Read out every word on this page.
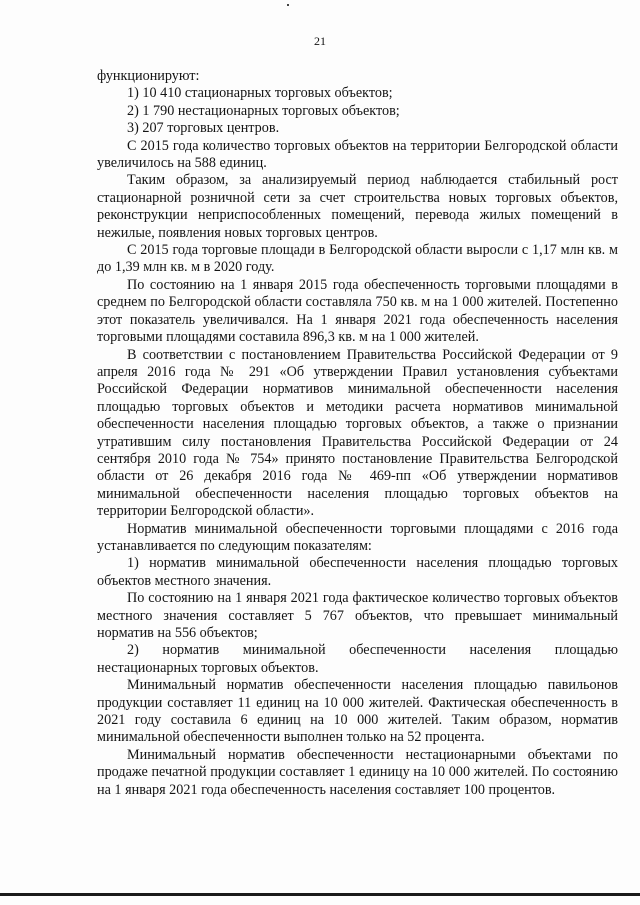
21

функционируют:

1) 10 410 стационарных торговых объектов;

2) 1 790 нестационарных торговых объектов;

3) 207 торговых центров.

С 2015 года количество торговых объектов на территории Белгородской области увеличилось на 588 единиц.

Таким образом, за анализируемый период наблюдается стабильный рост стационарной розничной сети за счет строительства новых торговых объектов, реконструкции неприспособленных помещений, перевода жилых помещений в нежилые, появления новых торговых центров.

С 2015 года торговые площади в Белгородской области выросли с 1,17 млн кв. м до 1,39 млн кв. м в 2020 году.

По состоянию на 1 января 2015 года обеспеченность торговыми площадями в среднем по Белгородской области составляла 750 кв. м на 1 000 жителей. Постепенно этот показатель увеличивался. На 1 января 2021 года обеспеченность населения торговыми площадями составила 896,3 кв. м на 1 000 жителей.

В соответствии с постановлением Правительства Российской Федерации от 9 апреля 2016 года № 291 «Об утверждении Правил установления субъектами Российской Федерации нормативов минимальной обеспеченности населения площадью торговых объектов и методики расчета нормативов минимальной обеспеченности населения площадью торговых объектов, а также о признании утратившим силу постановления Правительства Российской Федерации от 24 сентября 2010 года № 754» принято постановление Правительства Белгородской области от 26 декабря 2016 года № 469-пп «Об утверждении нормативов минимальной обеспеченности населения площадью торговых объектов на территории Белгородской области».

Норматив минимальной обеспеченности торговыми площадями с 2016 года устанавливается по следующим показателям:

1) норматив минимальной обеспеченности населения площадью торговых объектов местного значения.

По состоянию на 1 января 2021 года фактическое количество торговых объектов местного значения составляет 5 767 объектов, что превышает минимальный норматив на 556 объектов;

2) норматив минимальной обеспеченности населения площадью нестационарных торговых объектов.

Минимальный норматив обеспеченности населения площадью павильонов продукции составляет 11 единиц на 10 000 жителей. Фактическая обеспеченность в 2021 году составила 6 единиц на 10 000 жителей. Таким образом, норматив минимальной обеспеченности выполнен только на 52 процента.

Минимальный норматив обеспеченности нестационарными объектами по продаже печатной продукции составляет 1 единицу на 10 000 жителей. По состоянию на 1 января 2021 года обеспеченность населения составляет 100 процентов.
